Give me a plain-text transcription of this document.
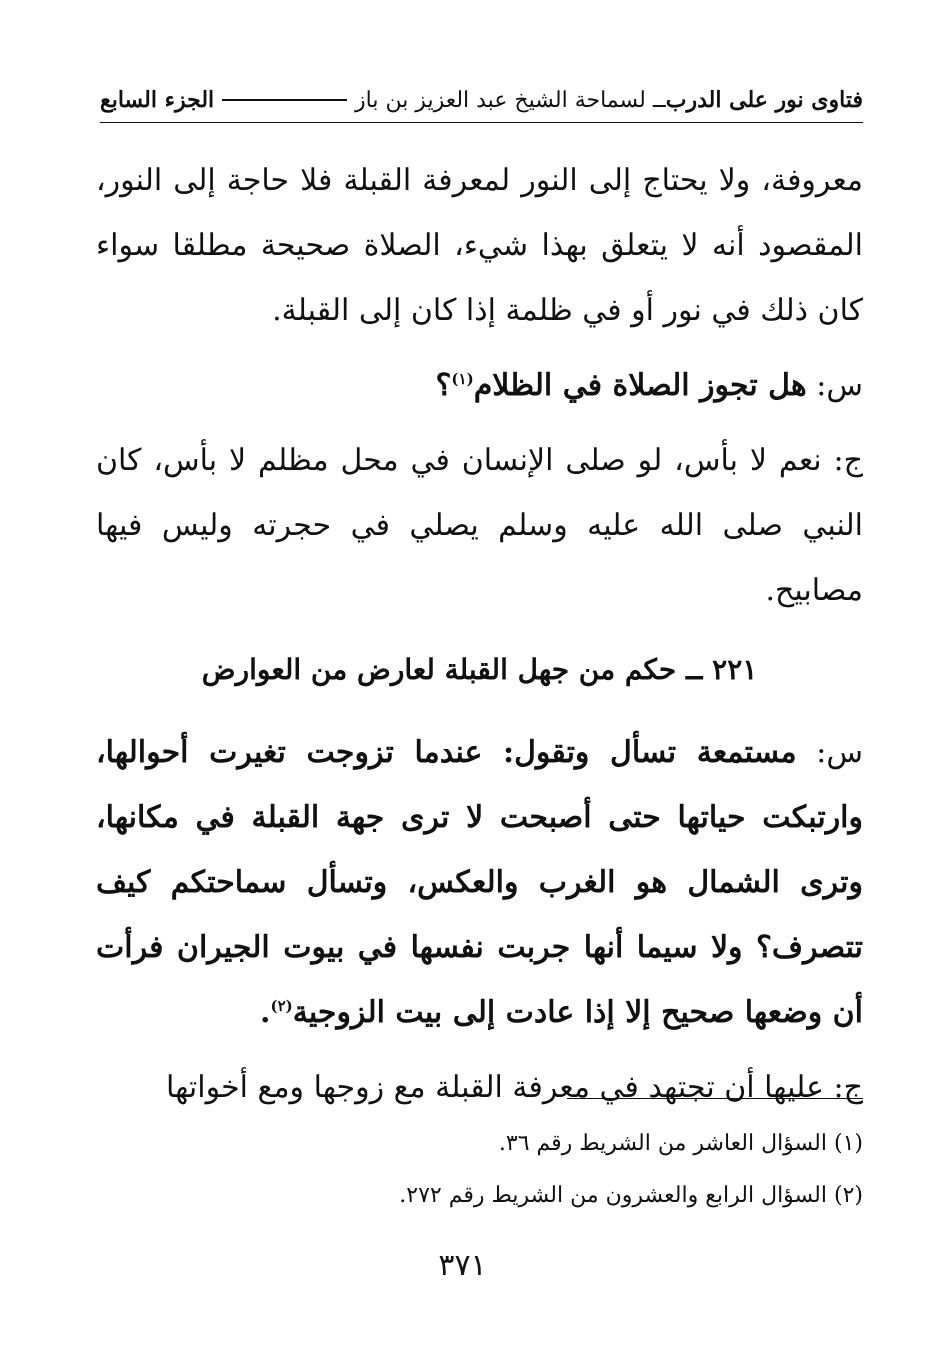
فتاوى نور على الدرب
ــ لسماحة الشيخ عبد العزيز بن باز
الجزء السابع

معروفة، ولا يحتاج إلى النور لمعرفة القبلة فلا حاجة إلى النور، المقصود أنه لا يتعلق بهذا شيء، الصلاة صحيحة مطلقا سواء كان ذلك في نور أو في ظلمة إذا كان إلى القبلة.

س: هل تجوز الصلاة في الظلام$^{(١)}$؟

ج: نعم لا بأس، لو صلى الإنسان في محل مظلم لا بأس، كان النبي صلى الله عليه وسلم يصلي في حجرته وليس فيها مصابيح.

٢٢١ ــ حكم من جهل القبلة لعارض من العوارض

س: مستمعة تسأل وتقول: عندما تزوجت تغيرت أحوالها، وارتبكت حياتها حتى أصبحت لا ترى جهة القبلة في مكانها، وترى الشمال هو الغرب والعكس، وتسأل سماحتكم كيف تتصرف؟ ولا سيما أنها جربت نفسها في بيوت الجيران فرأت أن وضعها صحيح إلا إذا عادت إلى بيت الزوجية$^{(٢)}$.

ج: عليها أن تجتهد في معرفة القبلة مع زوجها ومع أخواتها

(١) السؤال العاشر من الشريط رقم ٣٦.

(٢) السؤال الرابع والعشرون من الشريط رقم ٢٧٢.

٣٧١
